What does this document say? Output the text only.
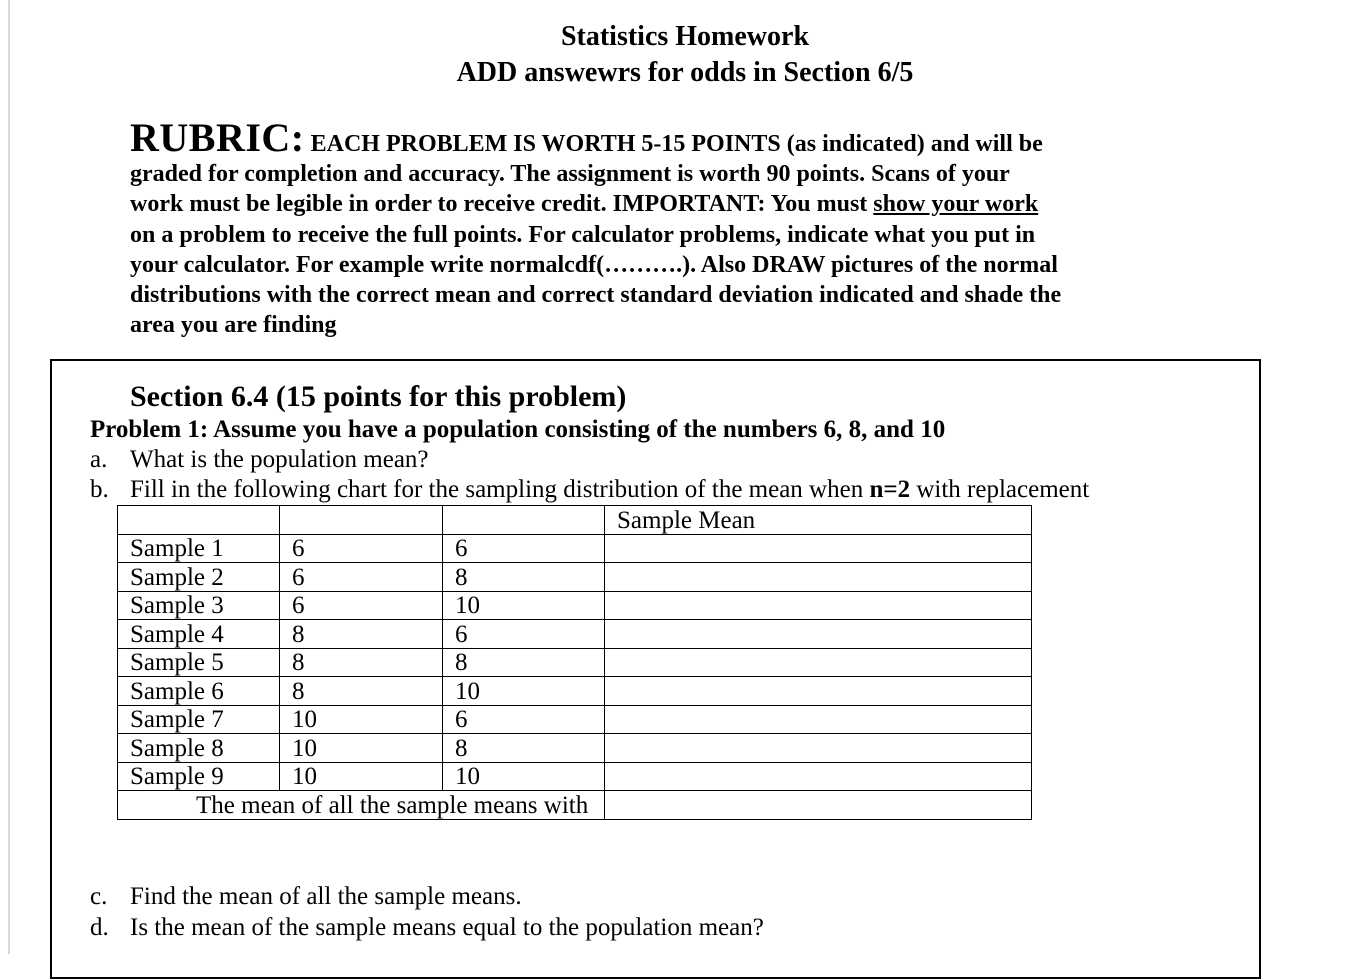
Statistics Homework
ADD answewrs for odds in Section 6/5
RUBRIC: EACH PROBLEM IS WORTH 5-15 POINTS (as indicated) and will be
graded for completion and accuracy. The assignment is worth 90 points. Scans of your
work must be legible in order to receive credit. IMPORTANT: You must show your work
on a problem to receive the full points. For calculator problems, indicate what you put in
your calculator. For example write normalcdf(……….). Also DRAW pictures of the normal
distributions with the correct mean and correct standard deviation indicated and shade the
area you are finding
Section 6.4 (15 points for this problem)
Problem 1: Assume you have a population consisting of the numbers 6, 8, and 10
a. What is the population mean?
b. Fill in the following chart for the sampling distribution of the mean when n=2 with replacement
			Sample Mean
Sample 1	6	6	
Sample 2	6	8	
Sample 3	6	10	
Sample 4	8	6	
Sample 5	8	8	
Sample 6	8	10	
Sample 7	10	6	
Sample 8	10	8	
Sample 9	10	10	
The mean of all the sample means with			
c. Find the mean of all the sample means.
d. Is the mean of the sample means equal to the population mean?
